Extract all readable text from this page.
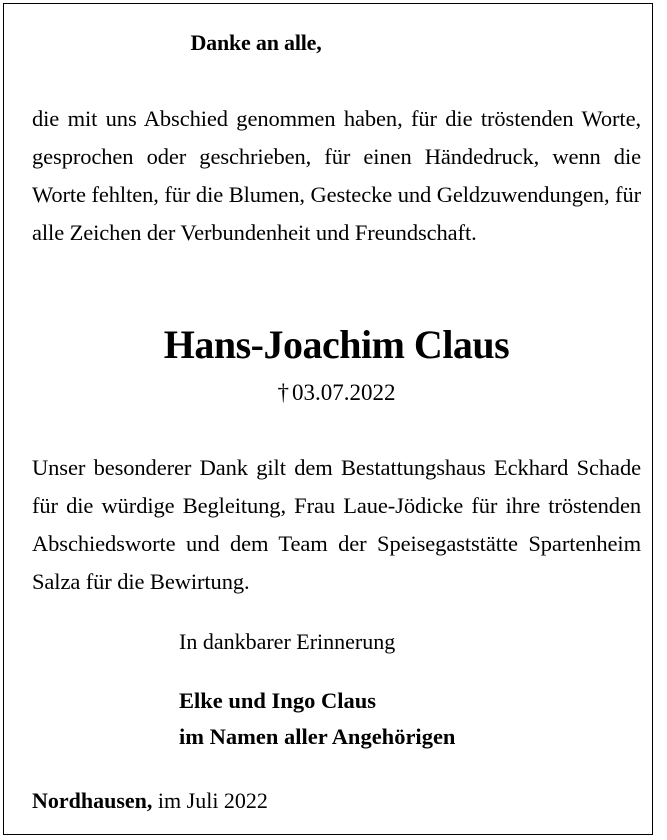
Danke an alle,
die mit uns Abschied genommen haben, für die tröstenden Worte, gesprochen oder geschrieben, für einen Händedruck, wenn die Worte fehlten, für die Blumen, Gestecke und Geldzuwendungen, für alle Zeichen der Verbundenheit und Freundschaft.
Hans-Joachim Claus
† 03.07.2022
Unser besonderer Dank gilt dem Bestattungshaus Eckhard Schade für die würdige Begleitung, Frau Laue-Jödicke für ihre tröstenden Abschiedsworte und dem Team der Speisegaststätte Spartenheim Salza für die Bewirtung.
In dankbarer Erinnerung
Elke und Ingo Claus
im Namen aller Angehörigen
Nordhausen, im Juli 2022
